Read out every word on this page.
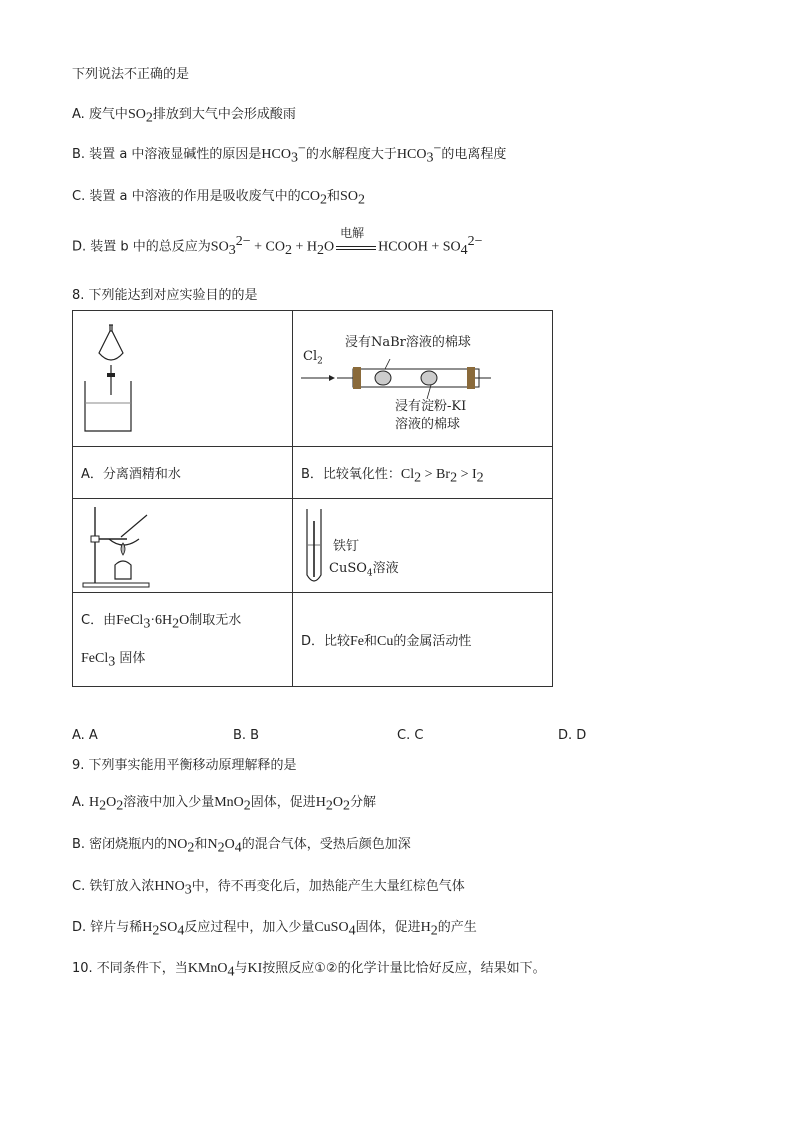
下列说法不正确的是
A. 废气中$SO_2$排放到大气中会形成酸雨
B. 装置 a 中溶液显碱性的原因是$HCO_3^-$的水解程度大于$HCO_3^-$的电离程度
C. 装置 a 中溶液的作用是吸收废气中的$CO_2$和$SO_2$
D. 装置 b 中的总反应为$SO_3^{2-} + CO_2 + H_2O$
电解
HCOOH + $SO_4^{2-}$
8. 下列能达到对应实验目的的是

浸有NaBr溶液的棉球
$Cl_2$
浸有淀粉-KI
溶液的棉球

A．分离酒精和水	B．比较氧化性：$Cl_2 > Br_2 > I_2$

铁钉
CuSO$_4$溶液

C．由$FeCl_3\cdot 6H_2O$制取无水
FeCl$_3$ 固体	D．比较Fe和Cu的金属活动性
A. A	B. B	C. C	D. D
9. 下列事实能用平衡移动原理解释的是
A. $H_2O_2$溶液中加入少量MnO$_2$固体，促进$H_2O_2$分解
B. 密闭烧瓶内的$NO_2$和$N_2O_4$的混合气体，受热后颜色加深
C. 铁钉放入浓$HNO_3$中，待不再变化后，加热能产生大量红棕色气体
D. 锌片与稀$H_2SO_4$反应过程中，加入少量CuSO$_4$固体，促进$H_2$的产生
10. 不同条件下，当KMnO$_4$与KI按照反应①②的化学计量比恰好反应，结果如下。
